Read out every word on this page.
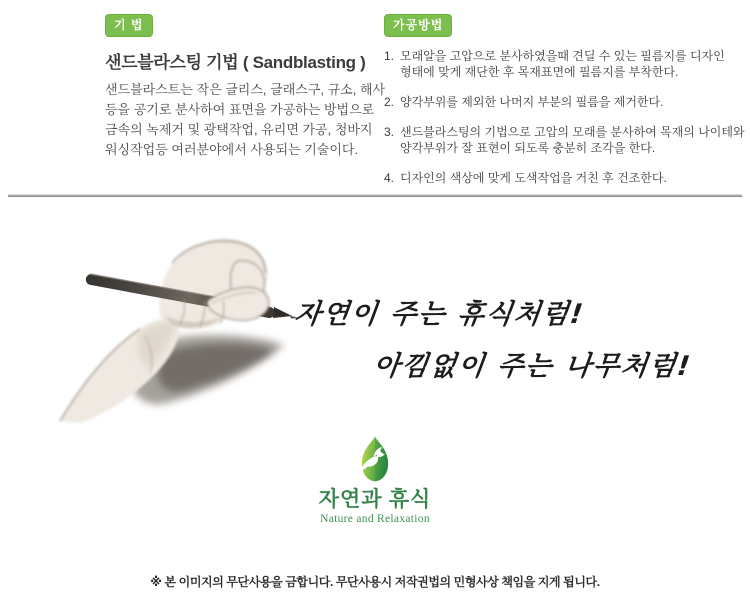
기 법
샌드블라스팅 기법 ( Sandblasting )
샌드블라스트는 작은 글리스, 글래스구, 규소, 해사 등을 공기로 분사하여 표면을 가공하는 방법으로 금속의 녹제거 및 광택작업, 유리면 가공, 청바지 워싱작업등 여러분야에서 사용되는 기술이다.
가공방법
1. 모래알을 고압으로 분사하였을때 견딜 수 있는 필름지를 디자인 형태에 맞게 재단한 후 목재표면에 필름지를 부착한다.
2. 양각부위를 제외한 나머지 부분의 필름을 제거한다.
3. 샌드블라스팅의 기법으로 고압의 모래를 분사하여 목재의 나이테와 양각부위가 잘 표현이 되도록 충분히 조각을 한다.
4. 디자인의 색상에 맞게 도색작업을 거친 후 건조한다.
자연이 주는 휴식처럼!
아낌없이 주는 나무처럼!
자연과 휴식
Nature and Relaxation
※ 본 이미지의 무단사용을 금합니다. 무단사용시 저작권법의 민형사상 책임을 지게 됩니다.
